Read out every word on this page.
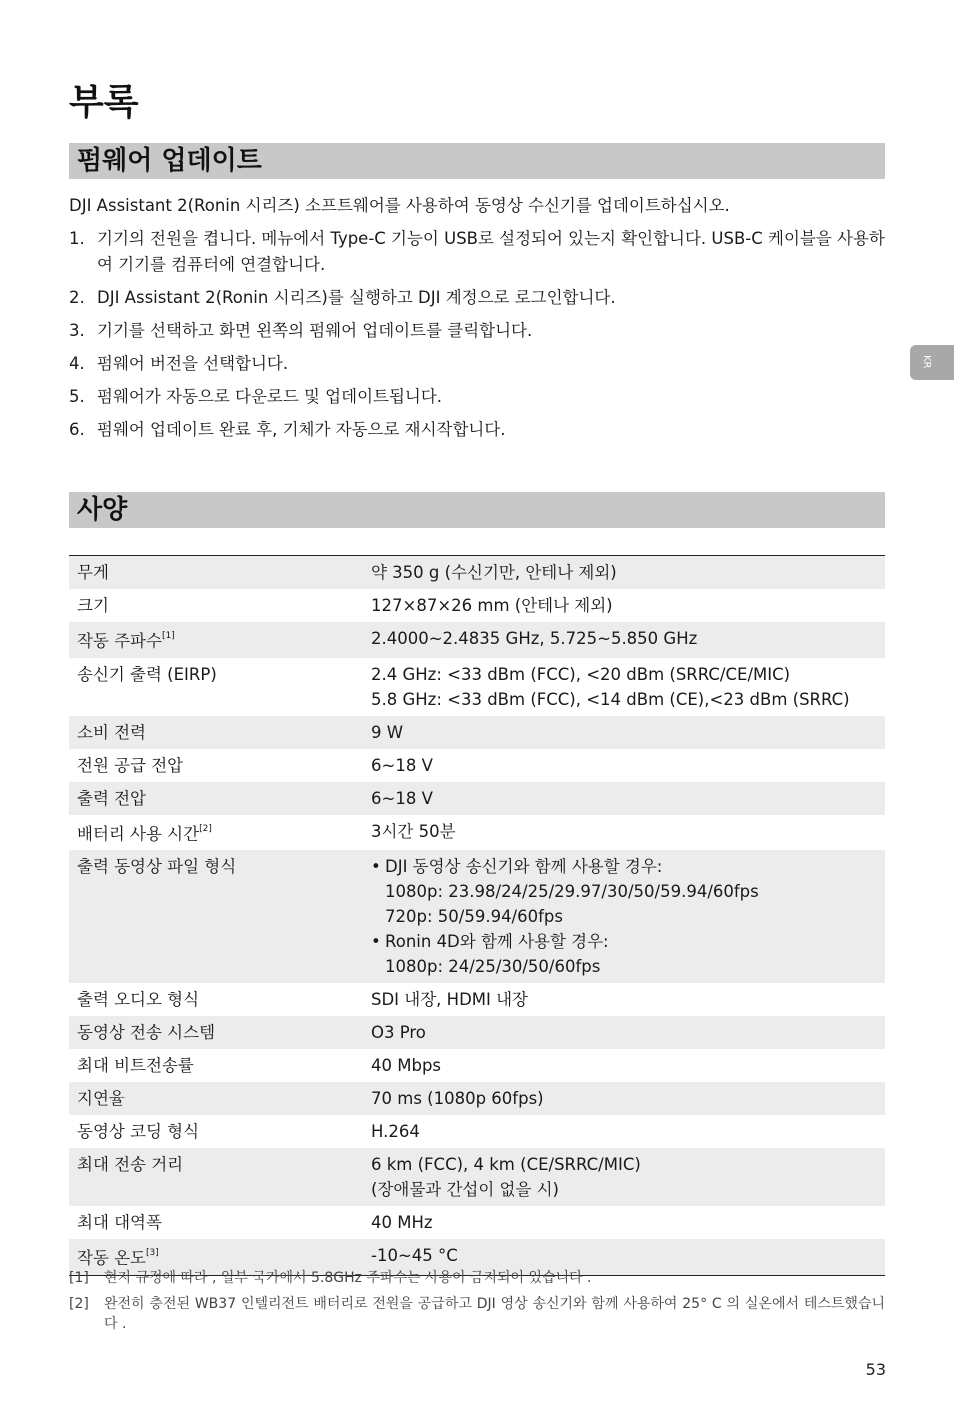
부록
펌웨어 업데이트
DJI Assistant 2(Ronin 시리즈) 소프트웨어를 사용하여 동영상 수신기를 업데이트하십시오.
1. 기기의 전원을 켭니다. 메뉴에서 Type-C 기능이 USB로 설정되어 있는지 확인합니다. USB-C 케이블을 사용하여 기기를 컴퓨터에 연결합니다.
2. DJI Assistant 2(Ronin 시리즈)를 실행하고 DJI 계정으로 로그인합니다.
3. 기기를 선택하고 화면 왼쪽의 펌웨어 업데이트를 클릭합니다.
4. 펌웨어 버전을 선택합니다.
5. 펌웨어가 자동으로 다운로드 및 업데이트됩니다.
6. 펌웨어 업데이트 완료 후, 기체가 자동으로 재시작합니다.
KR
사양
무게	약 350 g (수신기만, 안테나 제외)
크기	127×87×26 mm (안테나 제외)
작동 주파수[1]	2.4000~2.4835 GHz, 5.725~5.850 GHz
송신기 출력 (EIRP)	2.4 GHz: <33 dBm (FCC), <20 dBm (SRRC/CE/MIC)
5.8 GHz: <33 dBm (FCC), <14 dBm (CE),<23 dBm (SRRC)

소비 전력	9 W
전원 공급 전압	6~18 V
출력 전압	6~18 V
배터리 사용 시간[2]	3시간 50분
출력 동영상 파일 형식	• DJI 동영상 송신기와 함께 사용할 경우:
1080p: 23.98/24/25/29.97/30/50/59.94/60fps
720p: 50/59.94/60fps
• Ronin 4D와 함께 사용할 경우:
1080p: 24/25/30/50/60fps

출력 오디오 형식	SDI 내장, HDMI 내장
동영상 전송 시스템	O3 Pro
최대 비트전송률	40 Mbps
지연율	70 ms (1080p 60fps)
동영상 코딩 형식	H.264
최대 전송 거리	6 km (FCC), 4 km (CE/SRRC/MIC)
(장애물과 간섭이 없을 시)

최대 대역폭	40 MHz
작동 온도[3]	-10~45 °C
[1] 현지 규정에 따라 , 일부 국가에서 5.8GHz 주파수는 사용이 금지되어 있습니다 .
[2] 완전히 충전된 WB37 인텔리전트 배터리로 전원을 공급하고 DJI 영상 송신기와 함께 사용하여 25° C 의 실온에서 테스트했습니다 .
53
